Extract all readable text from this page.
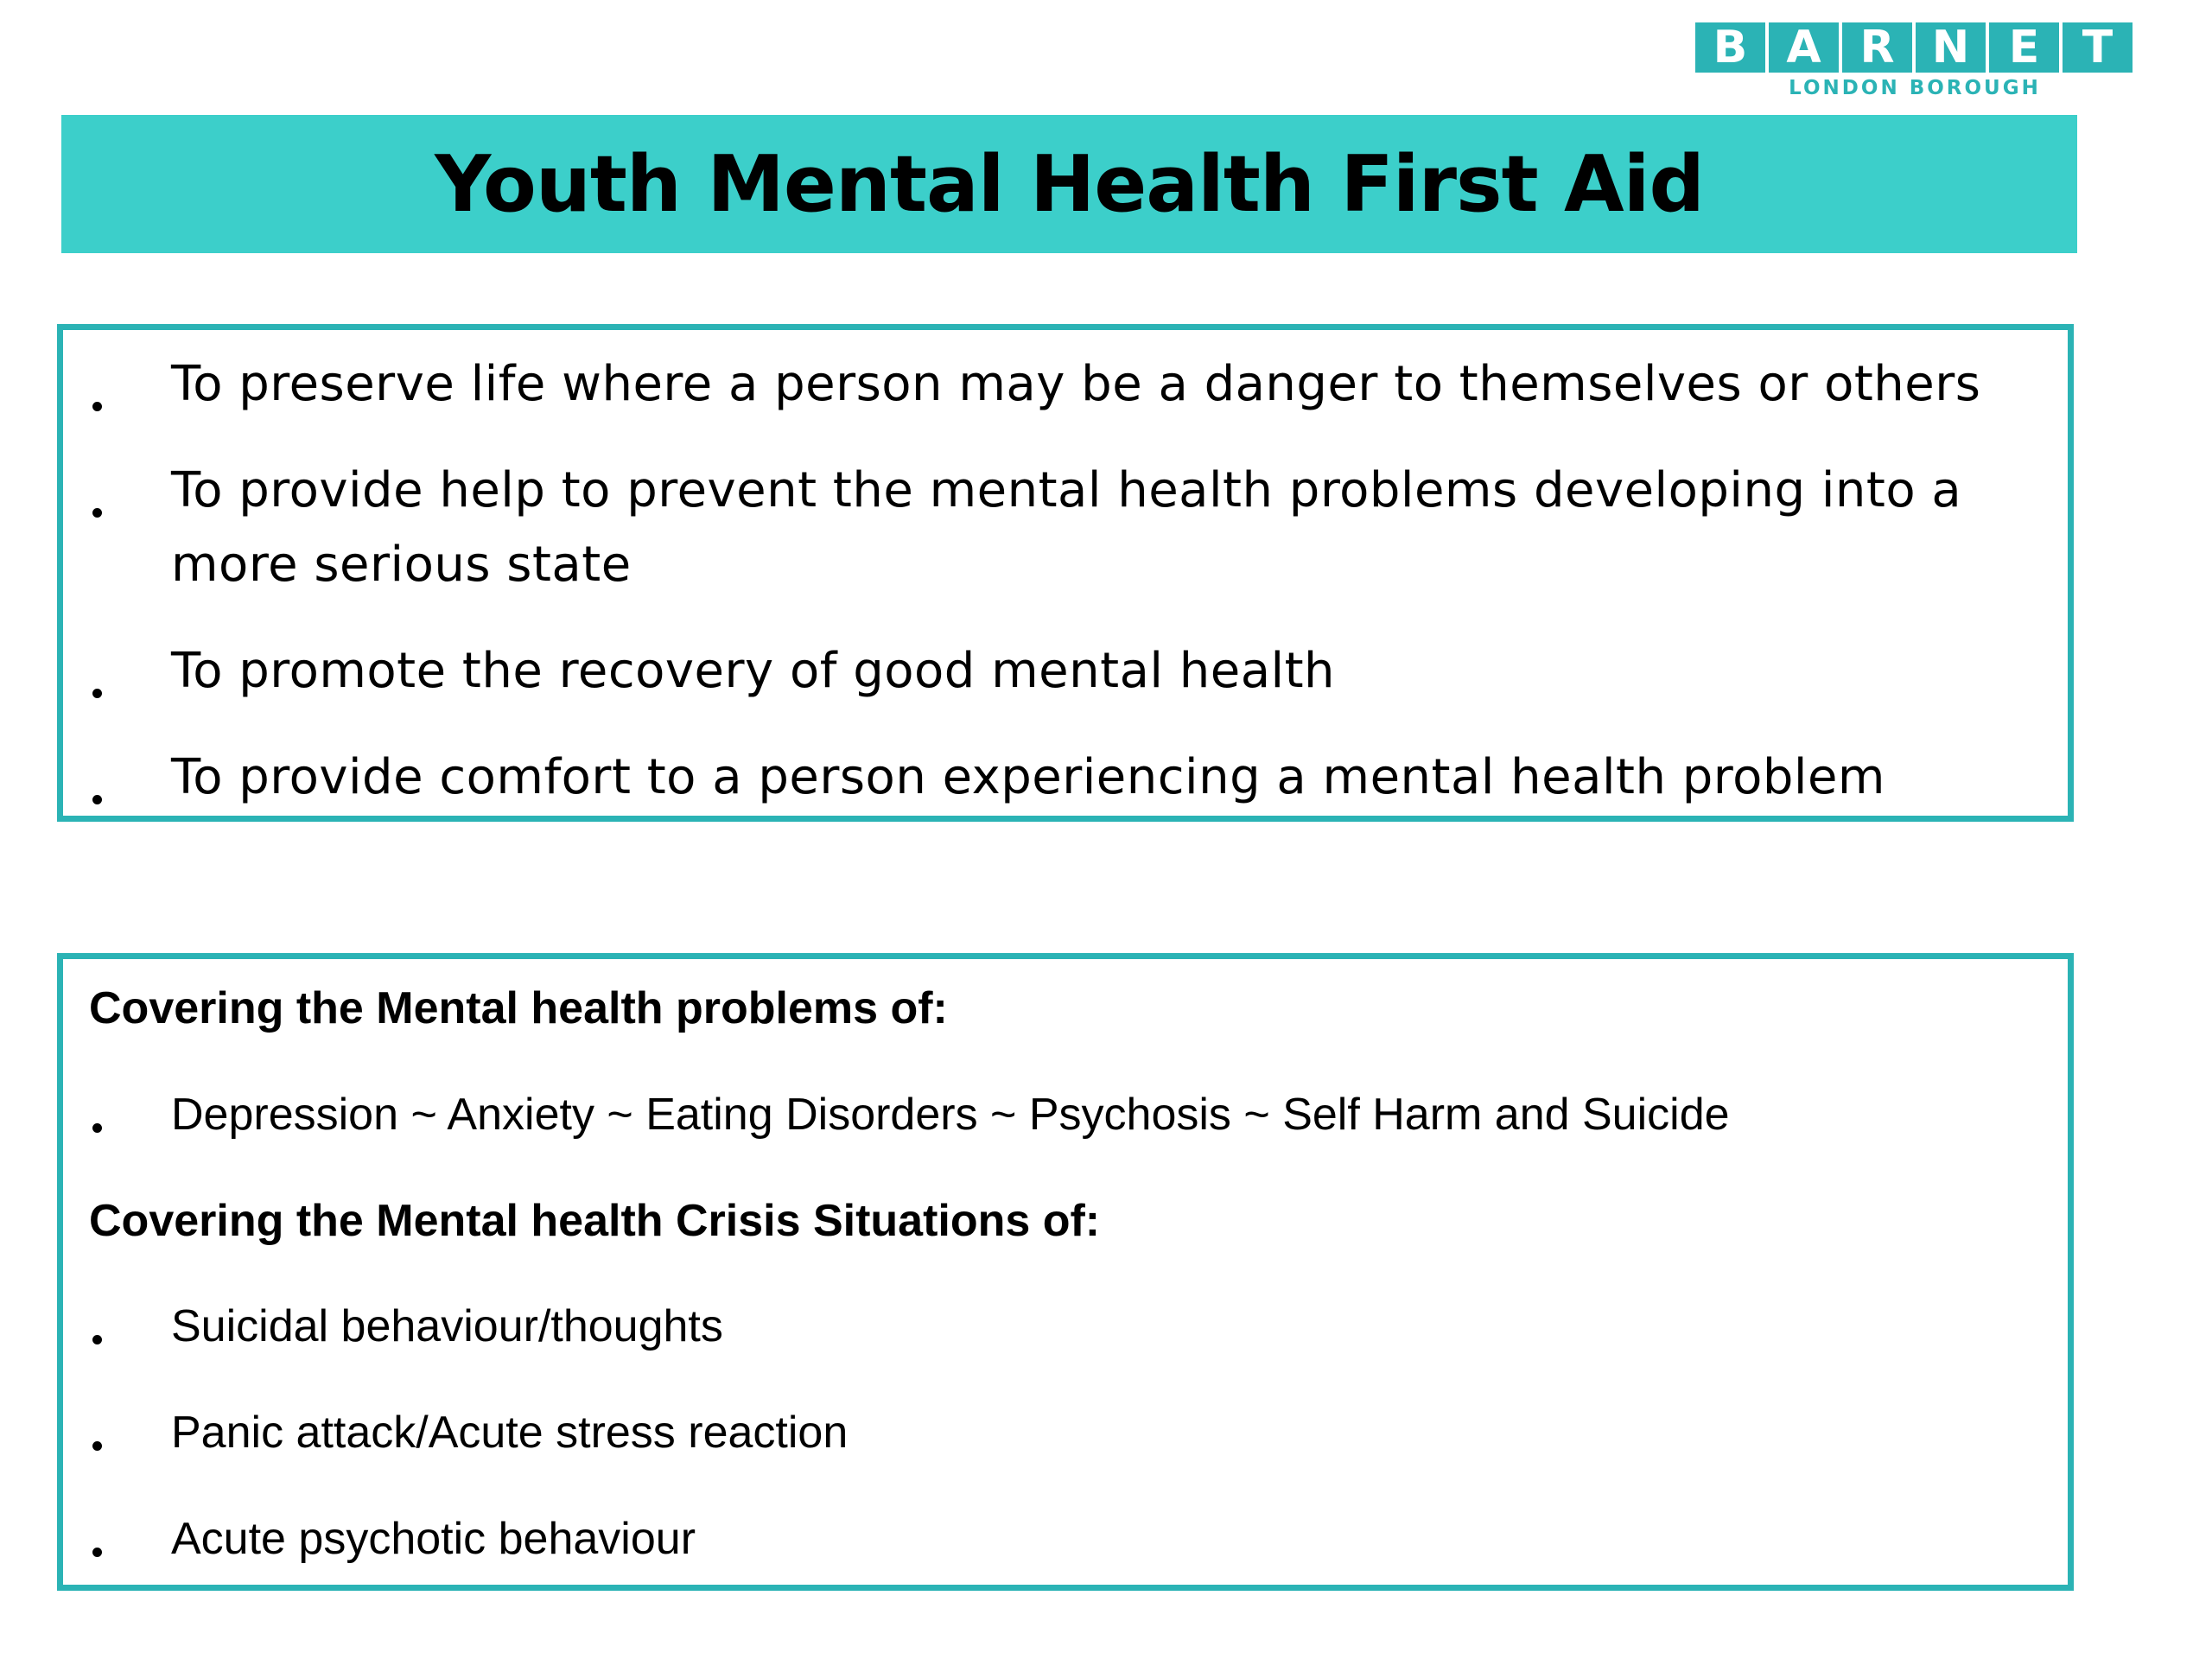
B A R N E T
LONDON BOROUGH
Youth Mental Health First Aid
To preserve life where a person may be a danger to themselves or others
To provide help to prevent the mental health problems developing into a more serious state
To promote the recovery of good mental health
To provide comfort to a person experiencing a mental health problem
Covering the Mental health problems of:
Depression ~ Anxiety ~ Eating Disorders ~ Psychosis ~ Self Harm and Suicide
Covering the Mental health Crisis Situations of:
Suicidal behaviour/thoughts
Panic attack/Acute stress reaction
Acute psychotic behaviour
